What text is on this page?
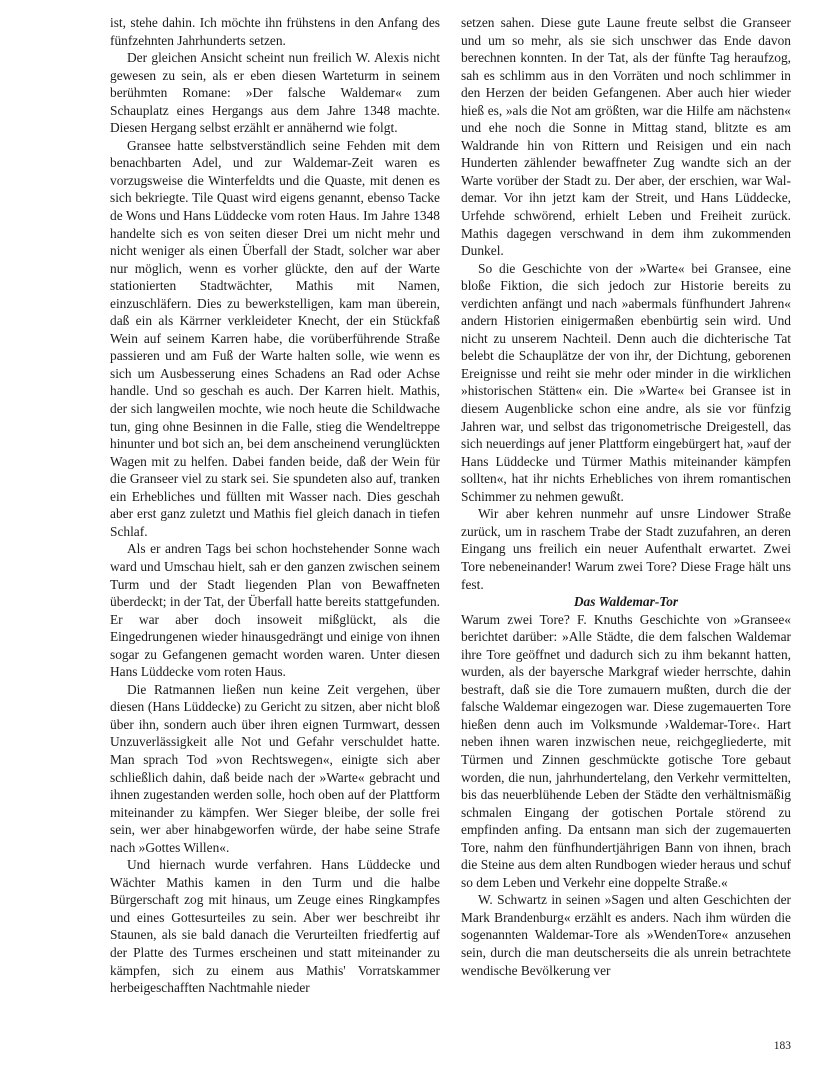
ist, stehe dahin. Ich möchte ihn frühstens in den Anfang des fünfzehnten Jahrhunderts setzen.

Der gleichen Ansicht scheint nun freilich W. Alexis nicht gewesen zu sein, als er eben diesen Warteturm in seinem berühmten Romane: »Der falsche Waldemar« zum Schauplatz eines Hergangs aus dem Jahre 1348 machte. Diesen Hergang selbst erzählt er annähernd wie folgt.

Gransee hatte selbstverständlich seine Fehden mit dem benachbarten Adel, und zur Waldemar-Zeit waren es vorzugsweise die Winterfeldts und die Quaste, mit denen es sich bekriegte. Tile Quast wird eigens genannt, ebenso Tacke de Wons und Hans Lüddecke vom roten Haus. Im Jahre 1348 handelte sich es von seiten dieser Drei um nicht mehr und nicht weniger als einen Überfall der Stadt, solcher war aber nur möglich, wenn es vorher glückte, den auf der Warte stationierten Stadtwächter, Mathis mit Namen, einzuschläfern. Dies zu bewerkstelligen, kam man überein, daß ein als Kärrner verkleideter Knecht, der ein Stückfaß Wein auf seinem Karren habe, die vorüberführende Straße passieren und am Fuß der Warte halten solle, wie wenn es sich um Ausbesserung eines Schadens an Rad oder Achse handle. Und so geschah es auch. Der Karren hielt. Mathis, der sich langweilen mochte, wie noch heute die Schildwache tun, ging ohne Besinnen in die Falle, stieg die Wendeltreppe hinunter und bot sich an, bei dem anscheinend verunglückten Wagen mit zu helfen. Dabei fanden beide, daß der Wein für die Granseer viel zu stark sei. Sie spundeten also auf, tranken ein Erhebliches und füllten mit Wasser nach. Dies geschah aber erst ganz zuletzt und Mathis fiel gleich danach in tiefen Schlaf.

Als er andren Tags bei schon hochstehender Sonne wach ward und Umschau hielt, sah er den ganzen zwischen seinem Turm und der Stadt liegenden Plan von Bewaffneten überdeckt; in der Tat, der Überfall hatte bereits stattgefunden. Er war aber doch insoweit mißglückt, als die Eingedrungenen wieder hinausgedrängt und einige von ihnen sogar zu Gefangenen gemacht worden waren. Unter diesen Hans Lüddecke vom roten Haus.

Die Ratmannen ließen nun keine Zeit vergehen, über diesen (Hans Lüddecke) zu Gericht zu sitzen, aber nicht bloß über ihn, sondern auch über ihren eignen Turmwart, dessen Unzuverlässigkeit alle Not und Gefahr verschuldet hatte. Man sprach Tod »von Rechtswegen«, einigte sich aber schließlich dahin, daß beide nach der »Warte« gebracht und ihnen zugestanden werden solle, hoch oben auf der Plattform miteinander zu kämpfen. Wer Sieger bleibe, der solle frei sein, wer aber hinabgeworfen würde, der habe seine Strafe nach »Gottes Willen«.

Und hiernach wurde verfahren. Hans Lüddecke und Wächter Mathis kamen in den Turm und die halbe Bürgerschaft zog mit hinaus, um Zeuge eines Ringkampfes und eines Gottesurteiles zu sein. Aber wer beschreibt ihr Staunen, als sie bald danach die Verurteilten friedfertig auf der Platte des Turmes erscheinen und statt miteinander zu kämpfen, sich zu einem aus Mathis' Vorratskammer herbeigeschafften Nachtmahle nieder

setzen sahen. Diese gute Laune freute selbst die Granseer und um so mehr, als sie sich unschwer das Ende davon berechnen konnten. In der Tat, als der fünfte Tag heraufzog, sah es schlimm aus in den Vorräten und noch schlimmer in den Herzen der beiden Gefangenen. Aber auch hier wieder hieß es, »als die Not am größten, war die Hilfe am nächsten« und ehe noch die Sonne in Mittag stand, blitzte es am Waldrande hin von Rittern und Reisigen und ein nach Hunderten zählender bewaffneter Zug wandte sich an der Warte vorüber der Stadt zu. Der aber, der erschien, war Waldemar. Vor ihn jetzt kam der Streit, und Hans Lüddecke, Urfehde schwörend, erhielt Leben und Freiheit zurück. Mathis dagegen verschwand in dem ihm zukommenden Dunkel.

So die Geschichte von der »Warte« bei Gransee, eine bloße Fiktion, die sich jedoch zur Historie bereits zu verdichten anfängt und nach »abermals fünfhundert Jahren« andern Historien einigermaßen ebenbürtig sein wird. Und nicht zu unserem Nachteil. Denn auch die dichterische Tat belebt die Schauplätze der von ihr, der Dichtung, geborenen Ereignisse und reiht sie mehr oder minder in die wirklichen »historischen Stätten« ein. Die »Warte« bei Gransee ist in diesem Augenblicke schon eine andre, als sie vor fünfzig Jahren war, und selbst das trigonometrische Dreigestell, das sich neuerdings auf jener Plattform eingebürgert hat, »auf der Hans Lüddecke und Türmer Mathis miteinander kämpfen sollten«, hat ihr nichts Erhebliches von ihrem romantischen Schimmer zu nehmen gewußt.

Wir aber kehren nunmehr auf unsre Lindower Straße zurück, um in raschem Trabe der Stadt zuzufahren, an deren Eingang uns freilich ein neuer Aufenthalt erwartet. Zwei Tore nebeneinander! Warum zwei Tore? Diese Frage hält uns fest.

Das Waldemar-Tor

Warum zwei Tore? F. Knuths Geschichte von »Gransee« berichtet darüber: »Alle Städte, die dem falschen Waldemar ihre Tore geöffnet und dadurch sich zu ihm bekannt hatten, wurden, als der bayersche Markgraf wieder herrschte, dahin bestraft, daß sie die Tore zumauern mußten, durch die der falsche Waldemar eingezogen war. Diese zugemauerten Tore hießen denn auch im Volksmunde ›Waldemar-Tore‹. Hart neben ihnen waren inzwischen neue, reichgegliederte, mit Türmen und Zinnen geschmückte gotische Tore gebaut worden, die nun, jahrhundertelang, den Verkehr vermittelten, bis das neuerblühende Leben der Städte den verhältnismäßig schmalen Eingang der gotischen Portale störend zu empfinden anfing. Da entsann man sich der zugemauerten Tore, nahm den fünfhundertjährigen Bann von ihnen, brach die Steine aus dem alten Rundbogen wieder heraus und schuf so dem Leben und Verkehr eine doppelte Straße.«

W. Schwartz in seinen »Sagen und alten Geschichten der Mark Brandenburg« erzählt es anders. Nach ihm würden die sogenannten Waldemar-Tore als »WendenTore« anzusehen sein, durch die man deutscherseits die als unrein betrachtete wendische Bevölkerung ver

183
